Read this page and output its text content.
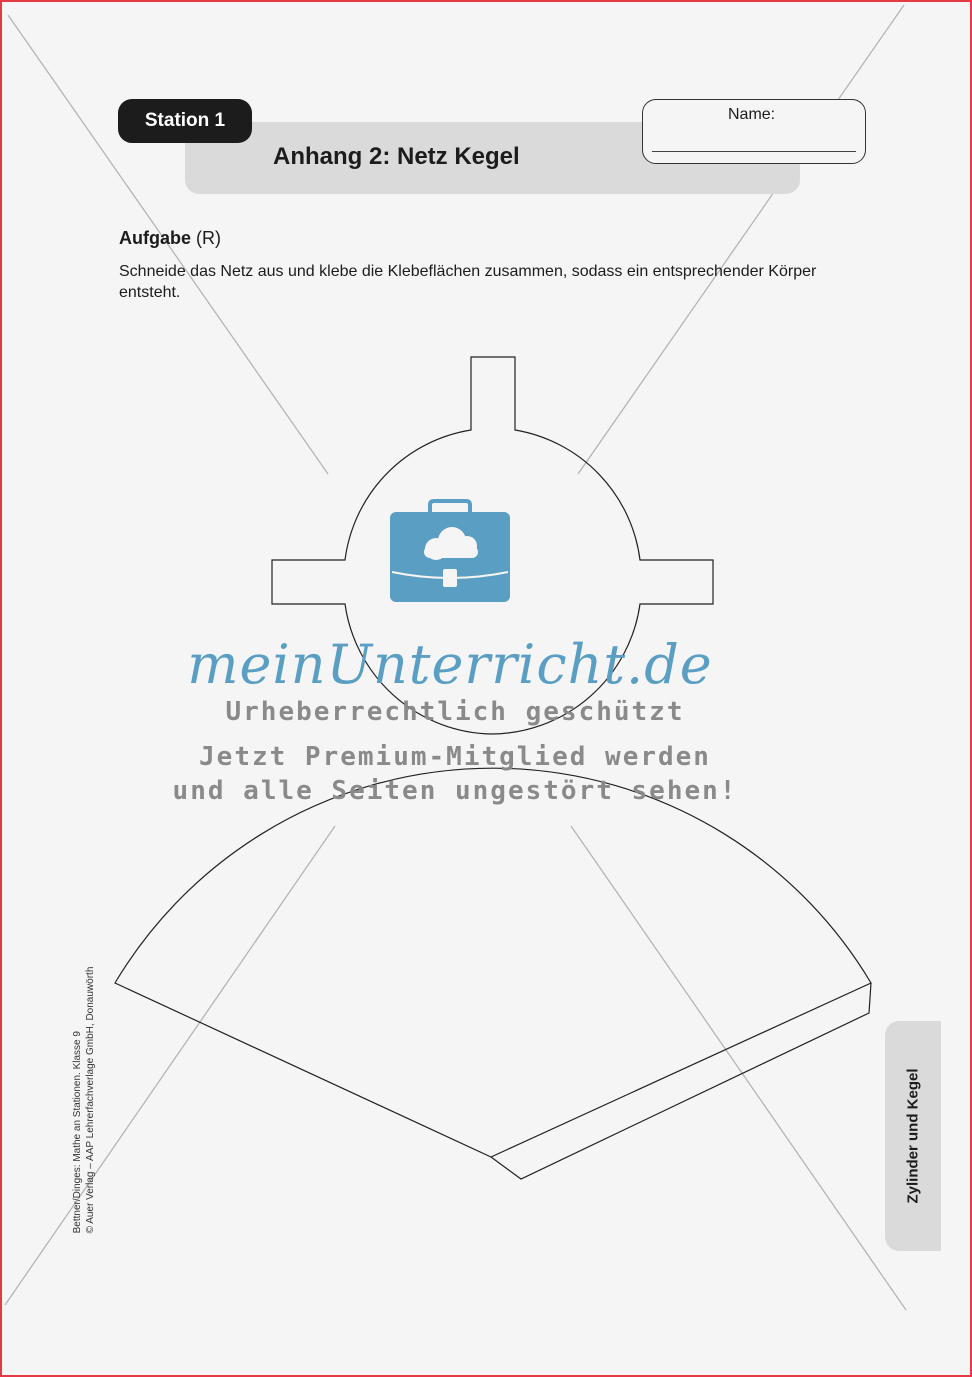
Station 1
Anhang 2: Netz Kegel
Name:
Aufgabe (R)
Schneide das Netz aus und klebe die Klebeflächen zusammen, sodass ein entsprechender Körper entsteht.
meinUnterricht.de
Urheberrechtlich geschützt
Jetzt Premium-Mitglied werden
und alle Seiten ungestört sehen!
Zylinder und Kegel
Bettner/Dinges: Mathe an Stationen. Klasse 9 © Auer Verlag – AAP Lehrerfachverlage GmbH, Donauwörth
